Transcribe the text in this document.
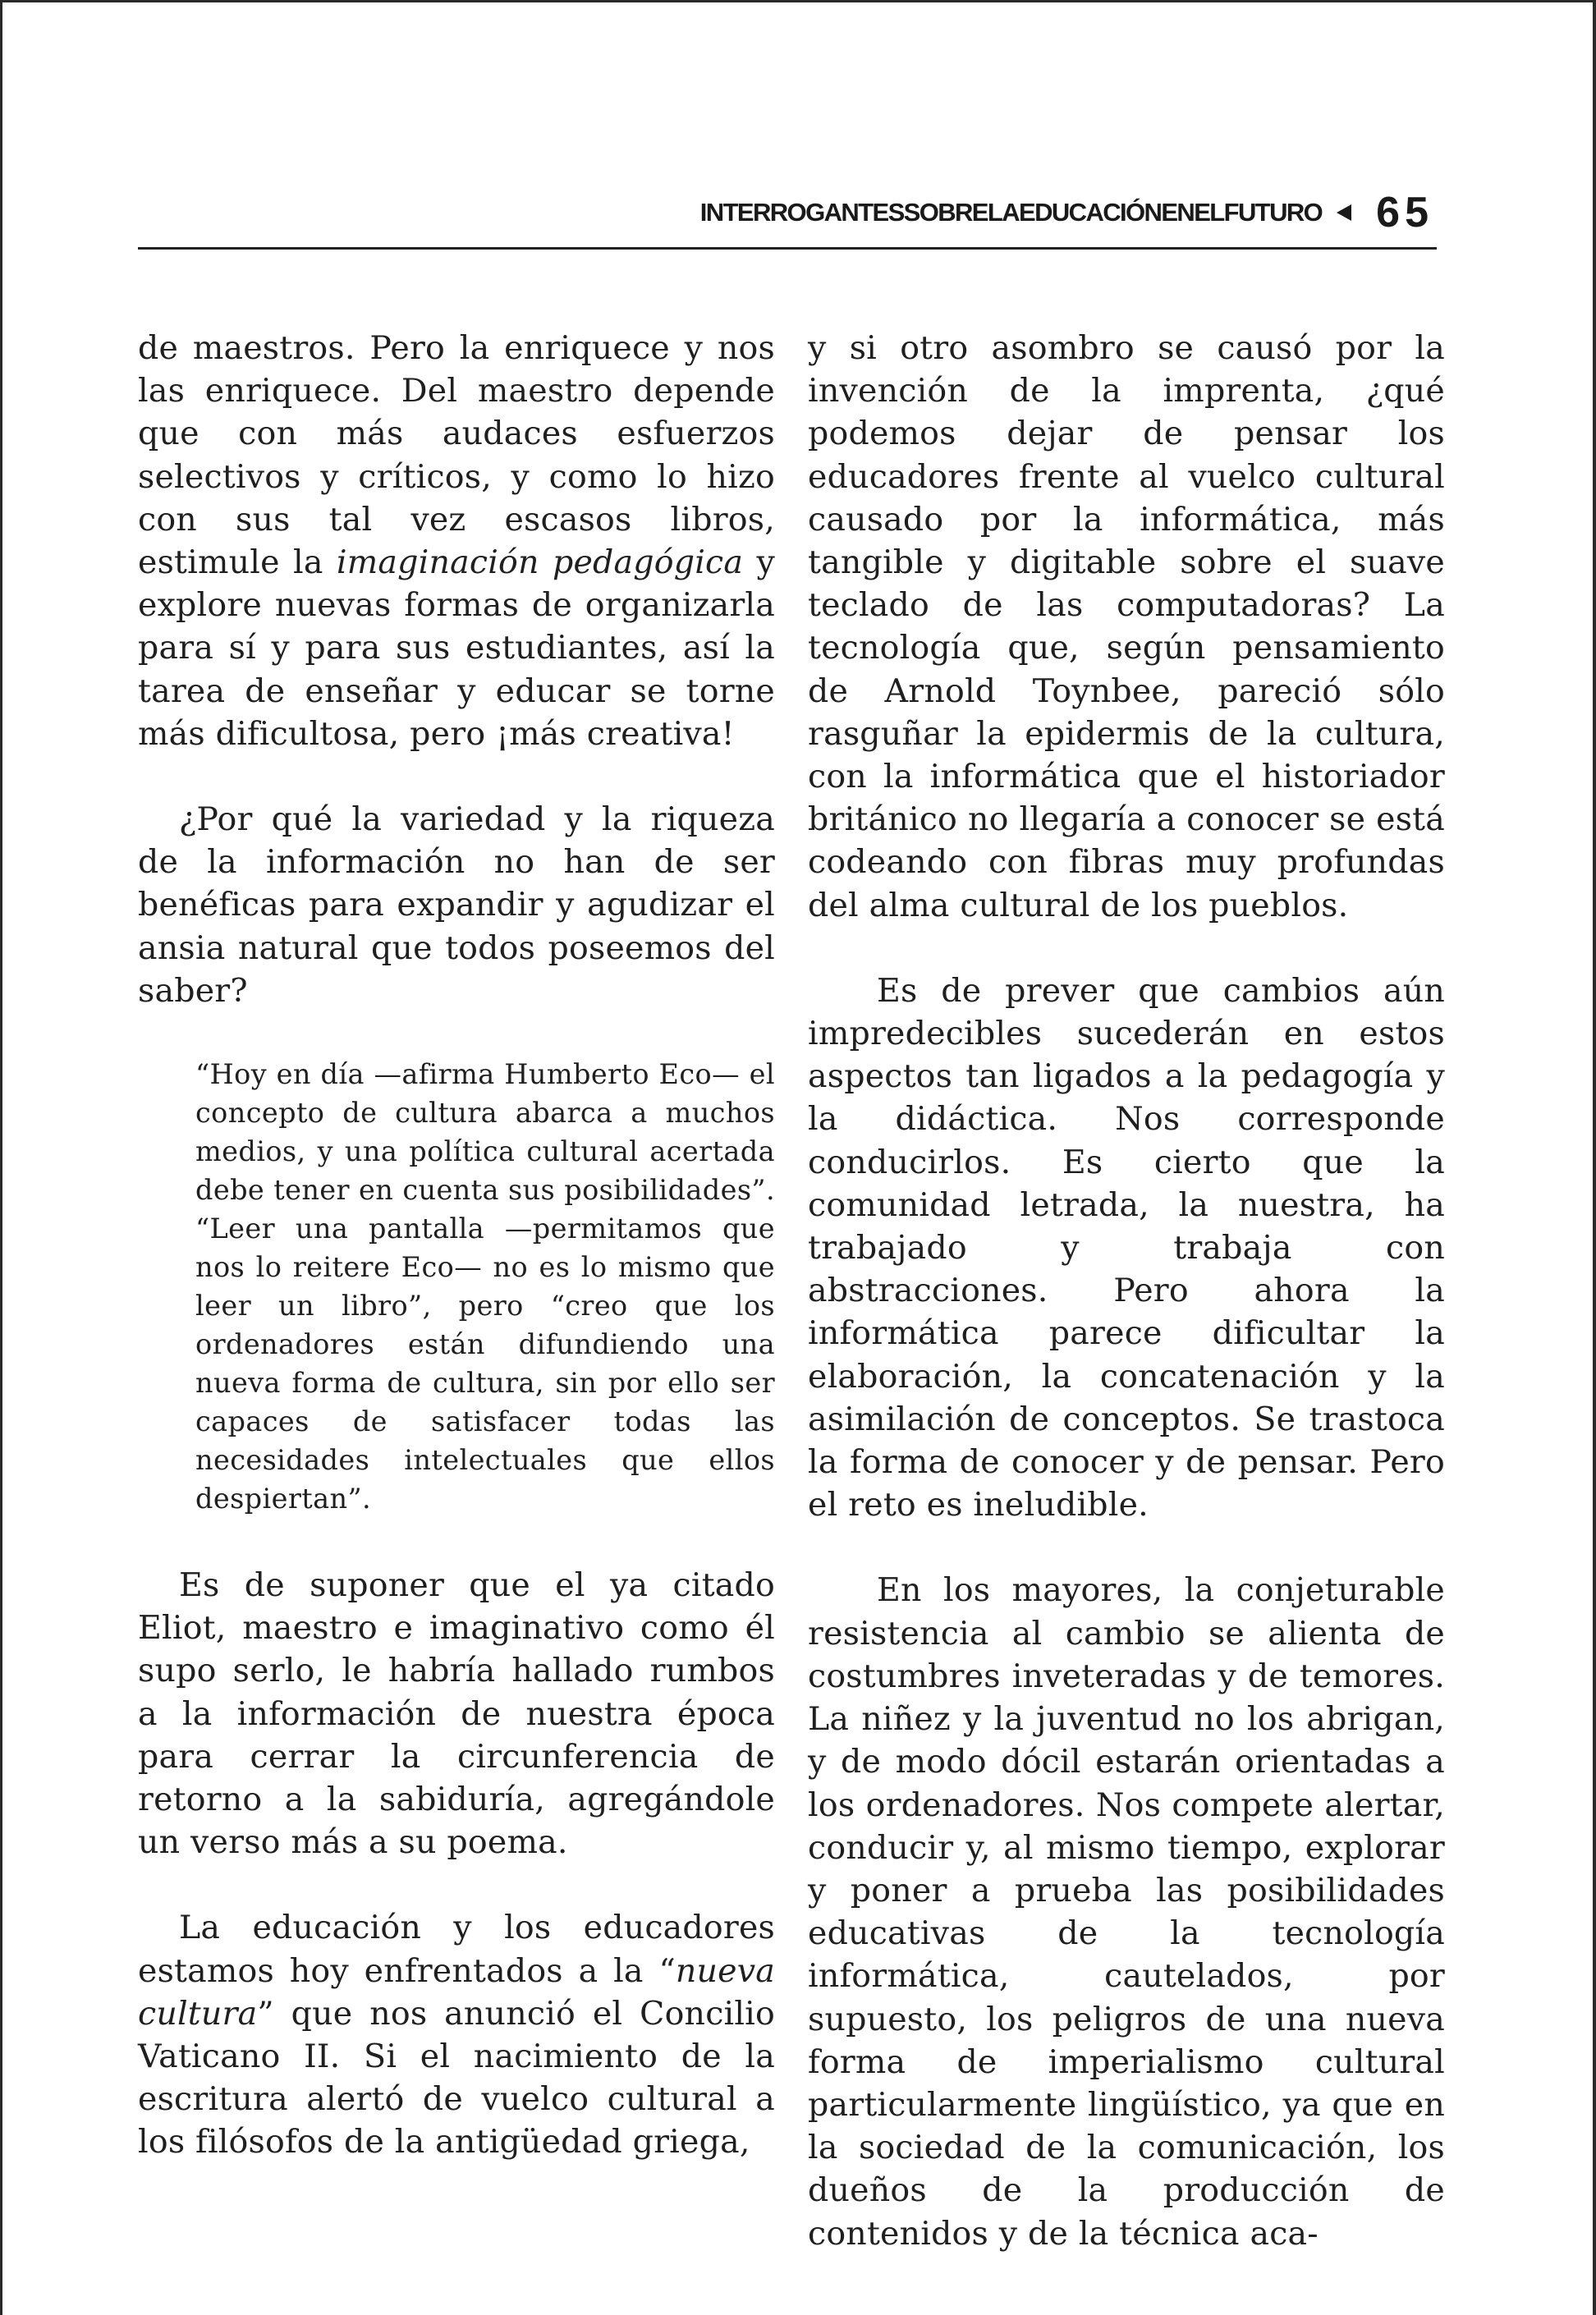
INTERROGANTESSOBRELAEDUCACIÓNENELFUTURO 65

de maestros. Pero la enriquece y nos las enriquece. Del maestro depende que con más audaces esfuerzos selectivos y críticos, y como lo hizo con sus tal vez escasos libros, estimule la imaginación pedagógica y explore nuevas formas de organizarla para sí y para sus estudiantes, así la tarea de enseñar y educar se torne más dificultosa, pero ¡más creativa!

¿Por qué la variedad y la riqueza de la información no han de ser benéficas para expandir y agudizar el ansia natural que todos poseemos del saber?

“Hoy en día —afirma Humberto Eco— el concepto de cultura abarca a muchos medios, y una política cultural acertada debe tener en cuenta sus posibilidades”. “Leer una pantalla —permitamos que nos lo reitere Eco— no es lo mismo que leer un libro”, pero “creo que los ordenadores están difundiendo una nueva forma de cultura, sin por ello ser capaces de satisfacer todas las necesidades intelectuales que ellos despiertan”.

Es de suponer que el ya citado Eliot, maestro e imaginativo como él supo serlo, le habría hallado rumbos a la información de nuestra época para cerrar la circunferencia de retorno a la sabiduría, agregándole un verso más a su poema.

La educación y los educadores estamos hoy enfrentados a la “nueva cultura” que nos anunció el Concilio Vaticano II. Si el nacimiento de la escritura alertó de vuelco cultural a los filósofos de la antigüedad griega,

y si otro asombro se causó por la invención de la imprenta, ¿qué podemos dejar de pensar los educadores frente al vuelco cultural causado por la informática, más tangible y digitable sobre el suave teclado de las computadoras? La tecnología que, según pensamiento de Arnold Toynbee, pareció sólo rasguñar la epidermis de la cultura, con la informática que el historiador británico no llegaría a conocer se está codeando con fibras muy profundas del alma cultural de los pueblos.

Es de prever que cambios aún impredecibles sucederán en estos aspectos tan ligados a la pedagogía y la didáctica. Nos corresponde conducirlos. Es cierto que la comunidad letrada, la nuestra, ha trabajado y trabaja con abstracciones. Pero ahora la informática parece dificultar la elaboración, la concatenación y la asimilación de conceptos. Se trastoca la forma de conocer y de pensar. Pero el reto es ineludible.

En los mayores, la conjeturable resistencia al cambio se alienta de costumbres inveteradas y de temores. La niñez y la juventud no los abrigan, y de modo dócil estarán orientadas a los ordenadores. Nos compete alertar, conducir y, al mismo tiempo, explorar y poner a prueba las posibilidades educativas de la tecnología informática, cautelados, por supuesto, los peligros de una nueva forma de imperialismo cultural particularmente lingüístico, ya que en la sociedad de la comunicación, los dueños de la producción de contenidos y de la técnica aca-
